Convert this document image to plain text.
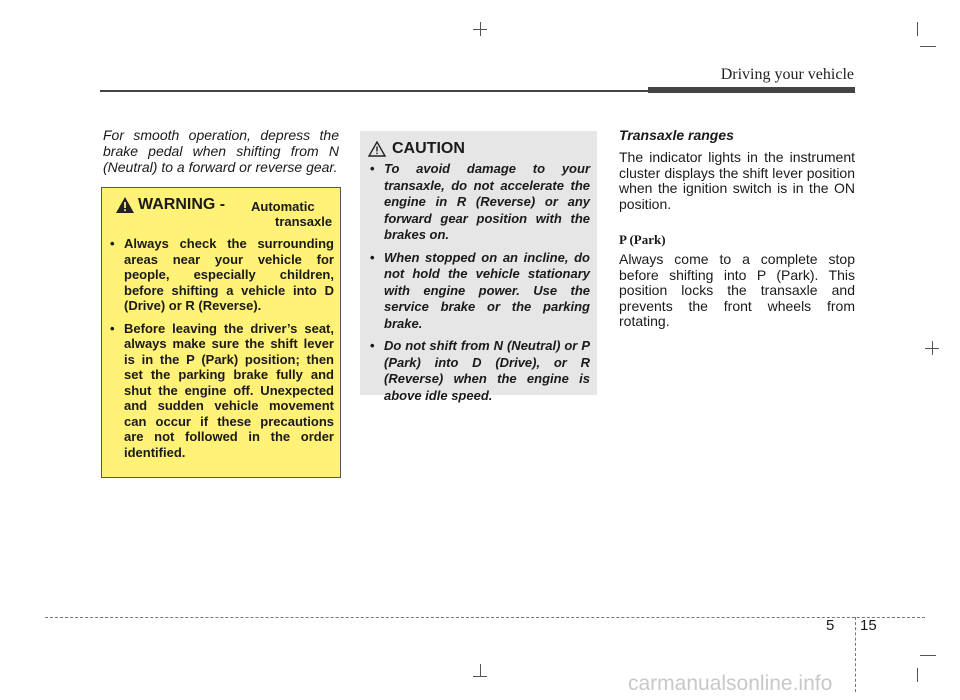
Driving your vehicle
For smooth operation, depress the brake pedal when shifting from N (Neutral) to a forward or reverse gear.
WARNING - Automatic
transaxle
• Always check the surrounding areas near your vehicle for people, especially children, before shifting a vehicle into D (Drive) or R (Reverse).
• Before leaving the driver’s seat, always make sure the shift lever is in the P (Park) position; then set the parking brake fully and shut the engine off. Unexpected and sudden vehicle movement can occur if these precautions are not followed in the order identified.
CAUTION
• To avoid damage to your transaxle, do not accelerate the engine in R (Reverse) or any forward gear position with the brakes on.
• When stopped on an incline, do not hold the vehicle stationary with engine power. Use the service brake or the parking brake.
• Do not shift from N (Neutral) or P (Park) into D (Drive), or R (Reverse) when the engine is above idle speed.
Transaxle ranges
The indicator lights in the instrument cluster displays the shift lever position when the ignition switch is in the ON position.
P (Park)
Always come to a complete stop before shifting into P (Park). This position locks the transaxle and prevents the front wheels from rotating.
5 15
carmanualsonline.info
